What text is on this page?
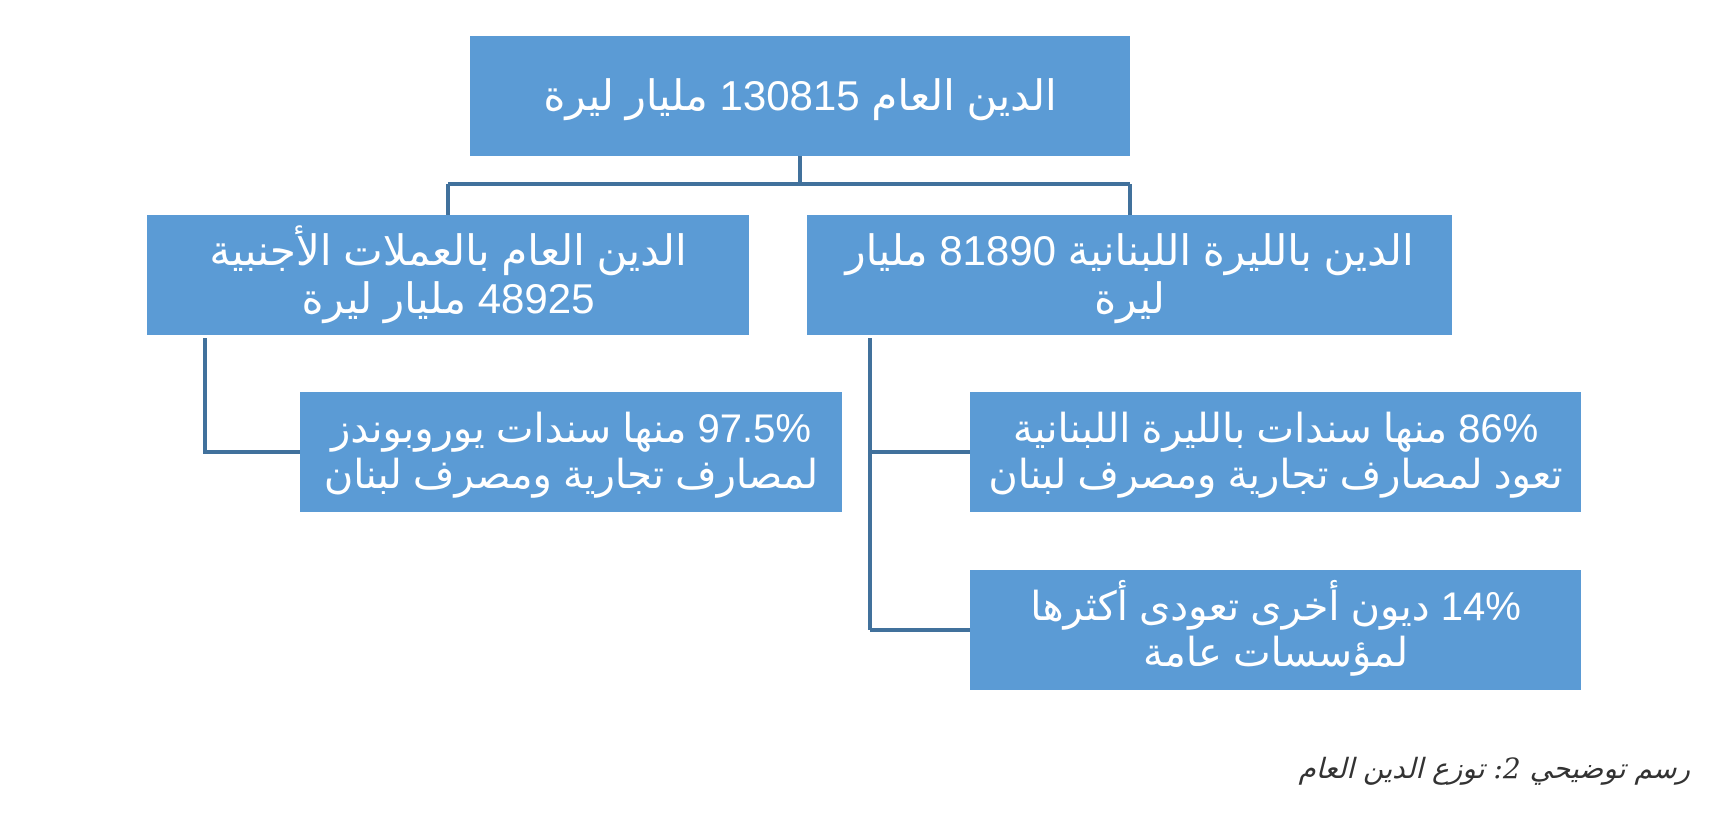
الدين العام 130815 مليار ليرة
الدين العام بالعملات الأجنبية
48925 مليار ليرة
الدين بالليرة اللبنانية 81890 مليار ليرة
97.5% منها سندات يوروبوندز
لمصارف تجارية ومصرف لبنان
86% منها سندات بالليرة اللبنانية
تعود لمصارف تجارية ومصرف لبنان
14% ديون أخرى تعودى أكثرها
لمؤسسات عامة
رسم توضيحي 2: توزع الدين العام
